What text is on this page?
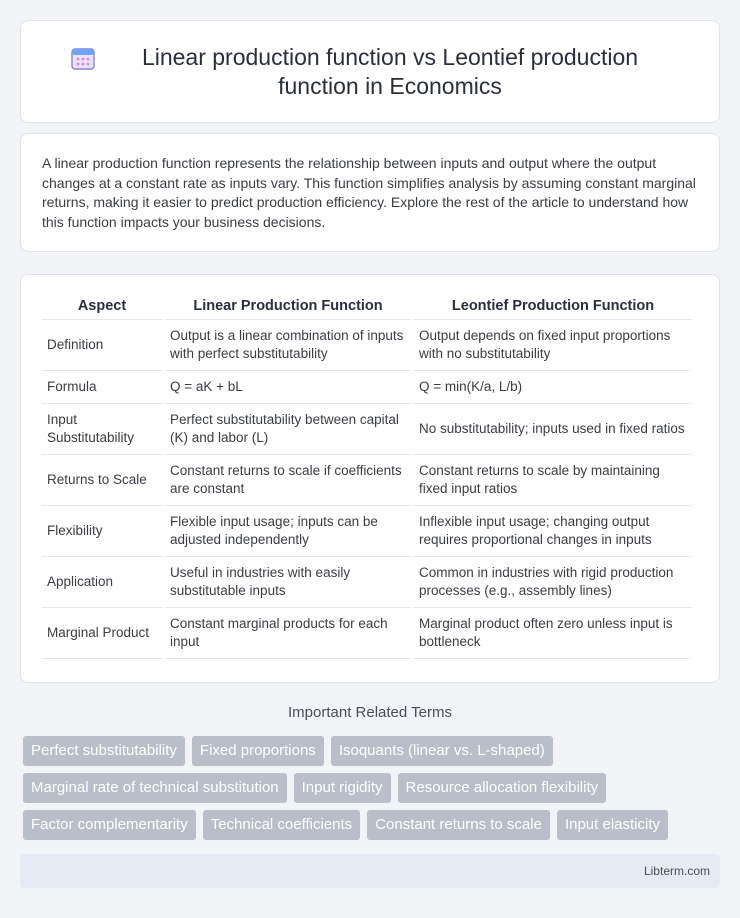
Linear production function vs Leontief production function in Economics

A linear production function represents the relationship between inputs and output where the output changes at a constant rate as inputs vary. This function simplifies analysis by assuming constant marginal returns, making it easier to predict production efficiency. Explore the rest of the article to understand how this function impacts your business decisions.

Aspect	Linear Production Function	Leontief Production Function
Definition	Output is a linear combination of inputs with perfect substitutability	Output depends on fixed input proportions with no substitutability
Formula	Q = aK + bL	Q = min(K/a, L/b)
Input Substitutability	Perfect substitutability between capital (K) and labor (L)	No substitutability; inputs used in fixed ratios
Returns to Scale	Constant returns to scale if coefficients are constant	Constant returns to scale by maintaining fixed input ratios
Flexibility	Flexible input usage; inputs can be adjusted independently	Inflexible input usage; changing output requires proportional changes in inputs
Application	Useful in industries with easily substitutable inputs	Common in industries with rigid production processes (e.g., assembly lines)
Marginal Product	Constant marginal products for each input	Marginal product often zero unless input is bottleneck
Important Related Terms
Perfect substitutability	Fixed proportions	Isoquants (linear vs. L-shaped)
Marginal rate of technical substitution	Input rigidity	Resource allocation flexibility
Factor complementarity	Technical coefficients	Constant returns to scale	Input elasticity
Libterm.com
